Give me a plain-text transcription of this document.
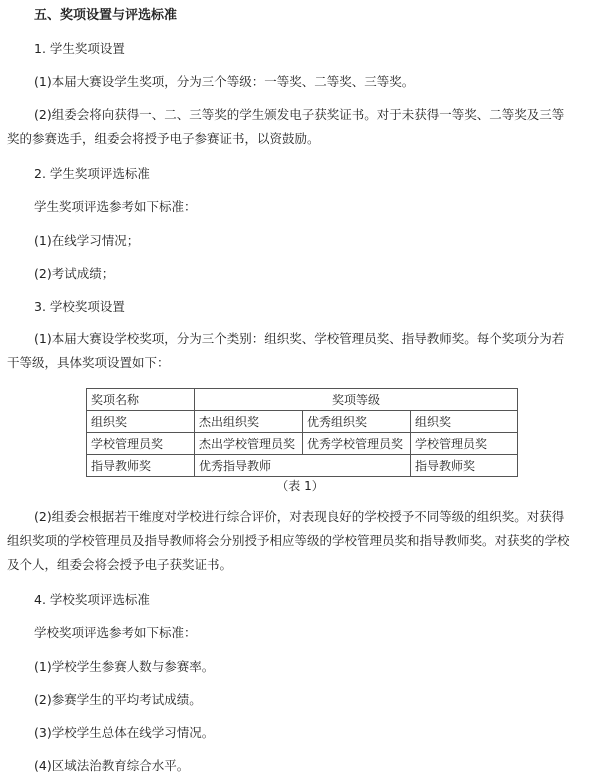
五、奖项设置与评选标准
1. 学生奖项设置
(1)本届大赛设学生奖项，分为三个等级：一等奖、二等奖、三等奖。
(2)组委会将向获得一、二、三等奖的学生颁发电子获奖证书。对于未获得一等奖、二等奖及三等
奖的参赛选手，组委会将授予电子参赛证书，以资鼓励。
2. 学生奖项评选标准
学生奖项评选参考如下标准：
(1)在线学习情况；
(2)考试成绩；
3. 学校奖项设置
(1)本届大赛设学校奖项，分为三个类别：组织奖、学校管理员奖、指导教师奖。每个奖项分为若
干等级，具体奖项设置如下：
奖项名称	奖项等级		
组织奖	杰出组织奖	优秀组织奖	组织奖
学校管理员奖	杰出学校管理员奖	优秀学校管理员奖	学校管理员奖
指导教师奖	优秀指导教师		指导教师奖
（表 1）
(2)组委会根据若干维度对学校进行综合评价，对表现良好的学校授予不同等级的组织奖。对获得
组织奖项的学校管理员及指导教师将会分别授予相应等级的学校管理员奖和指导教师奖。对获奖的学校
及个人，组委会将会授予电子获奖证书。
4. 学校奖项评选标准
学校奖项评选参考如下标准：
(1)学校学生参赛人数与参赛率。
(2)参赛学生的平均考试成绩。
(3)学校学生总体在线学习情况。
(4)区域法治教育综合水平。
